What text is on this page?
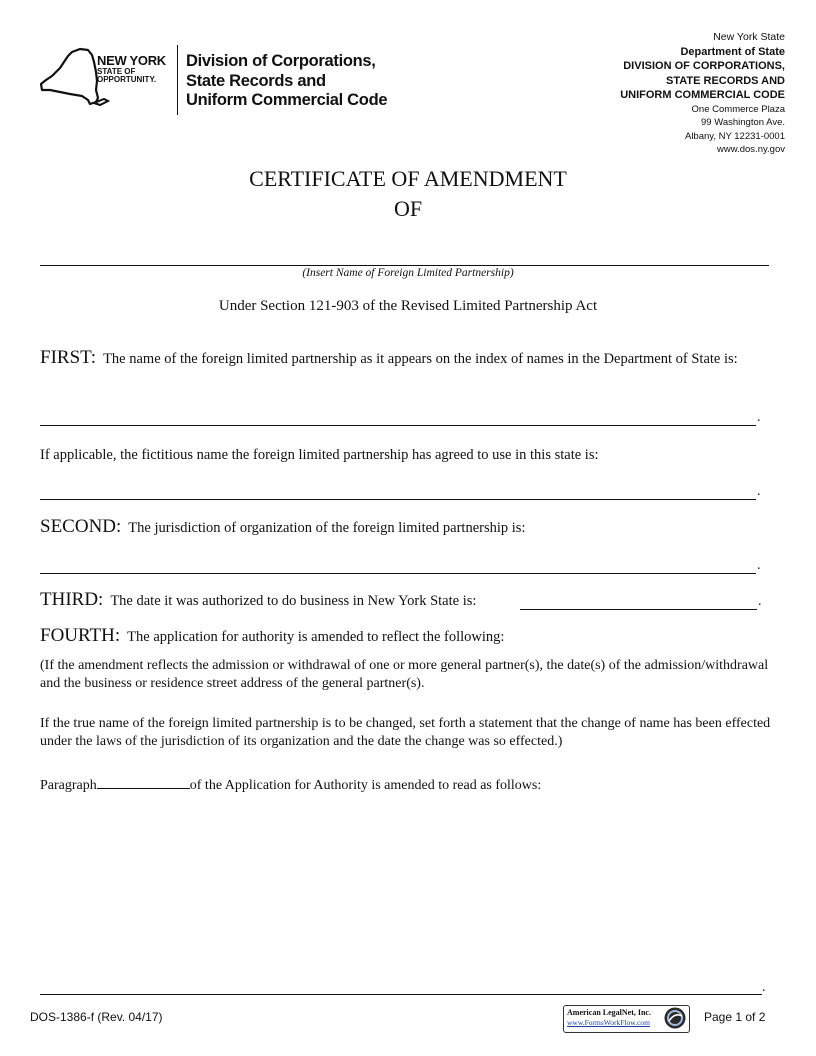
NEW YORK
STATE OF
OPPORTUNITY.
Division of Corporations,
State Records and
Uniform Commercial Code
New York State
Department of State
DIVISION OF CORPORATIONS,
STATE RECORDS AND
UNIFORM COMMERCIAL CODE
One Commerce Plaza
99 Washington Ave.
Albany, NY 12231-0001
www.dos.ny.gov
CERTIFICATE OF AMENDMENT
OF
(Insert Name of Foreign Limited Partnership)
Under Section 121-903 of the Revised Limited Partnership Act
FIRST: The name of the foreign limited partnership as it appears on the index of names in the Department of State is:
.
If applicable, the fictitious name the foreign limited partnership has agreed to use in this state is:
.
SECOND: The jurisdiction of organization of the foreign limited partnership is:
.
THIRD: The date it was authorized to do business in New York State is:	.
FOURTH: The application for authority is amended to reflect the following:
(If the amendment reflects the admission or withdrawal of one or more general partner(s), the date(s) of the admission/withdrawal and the business or residence street address of the general partner(s).
If the true name of the foreign limited partnership is to be changed, set forth a statement that the change of name has been effected under the laws of the jurisdiction of its organization and the date the change was so effected.)
Paragraph	of the Application for Authority is amended to read as follows:
.
DOS-1386-f (Rev. 04/17)	American LegalNet, Inc.
www.FormsWorkFlow.com	Page 1 of 2
